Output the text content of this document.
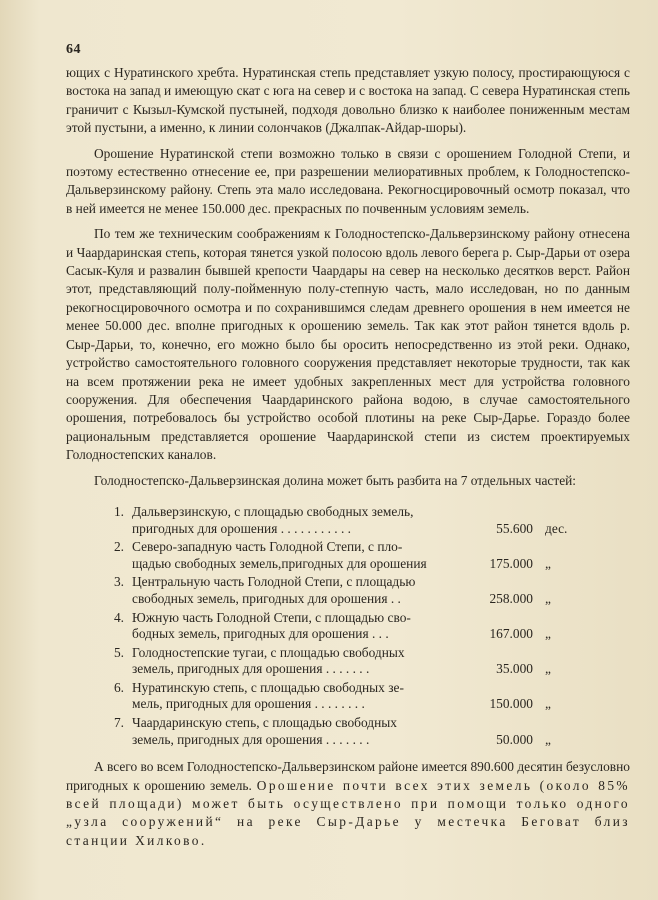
64

ющих с Нуратинского хребта. Нуратинская степь представляет узкую полосу, простирающуюся с востока на запад и имеющую скат с юга на север и с востока на запад. С севера Нуратинская степь граничит с Кызыл-Кумской пустыней, подходя довольно близко к наиболее пониженным местам этой пустыни, а именно, к линии солончаков (Джалпак-Айдар-шоры).

Орошение Нуратинской степи возможно только в связи с орошением Голодной Степи, и поэтому естественно отнесение ее, при разрешении мелиоративных проблем, к Голодностепско-Дальверзинскому району. Степь эта мало исследована. Рекогносцировочный осмотр показал, что в ней имеется не менее 150.000 дес. прекрасных по почвенным условиям земель.

По тем же техническим соображениям к Голодностепско-Дальверзинскому району отнесена и Чаардаринская степь, которая тянется узкой полосою вдоль левого берега р. Сыр-Дарьи от озера Сасык-Куля и развалин бывшей крепости Чаардары на север на несколько десятков верст. Район этот, представляющий полу-пойменную полу-степную часть, мало исследован, но по данным рекогносцировочного осмотра и по сохранившимся следам древнего орошения в нем имеется не менее 50.000 дес. вполне пригодных к орошению земель. Так как этот район тянется вдоль р. Сыр-Дарьи, то, конечно, его можно было бы оросить непосредственно из этой реки. Однако, устройство самостоятельного головного сооружения представляет некоторые трудности, так как на всем протяжении река не имеет удобных закрепленных мест для устройства головного сооружения. Для обеспечения Чаардаринского района водою, в случае самостоятельного орошения, потребовалось бы устройство особой плотины на реке Сыр-Дарье. Гораздо более рациональным представляется орошение Чаардаринской степи из систем проектируемых Голодностепских каналов.

Голодностепско-Дальверзинская долина может быть разбита на 7 отдельных частей:

1. Дальверзинскую, с площадью свободных земель,
пригодных для орошения . . . . . . . . . . .	55.600 дес.
2. Северо-западную часть Голодной Степи, с пло-
щадью свободных земель,пригодных для орошения	175.000 „
3. Центральную часть Голодной Степи, с площадью
свободных земель, пригодных для орошения . .	258.000 „
4. Южную часть Голодной Степи, с площадью сво-
бодных земель, пригодных для орошения . . .	167.000 „
5. Голодностепские тугаи, с площадью свободных
земель, пригодных для орошения . . . . . . .	35.000 „
6. Нуратинскую степь, с площадью свободных зе-
мель, пригодных для орошения . . . . . . . .	150.000 „
7. Чаардаринскую степь, с площадью свободных
земель, пригодных для орошения . . . . . . .	50.000 „

А всего во всем Голодностепско-Дальверзинском районе имеется 890.600 десятин безусловно пригодных к орошению земель. Орошение почти всех этих земель (около 85% всей площади) может быть осуществлено при помощи только одного „узла сооружений“ на реке Сыр-Дарье у местечка Беговат близ станции Хилково.
